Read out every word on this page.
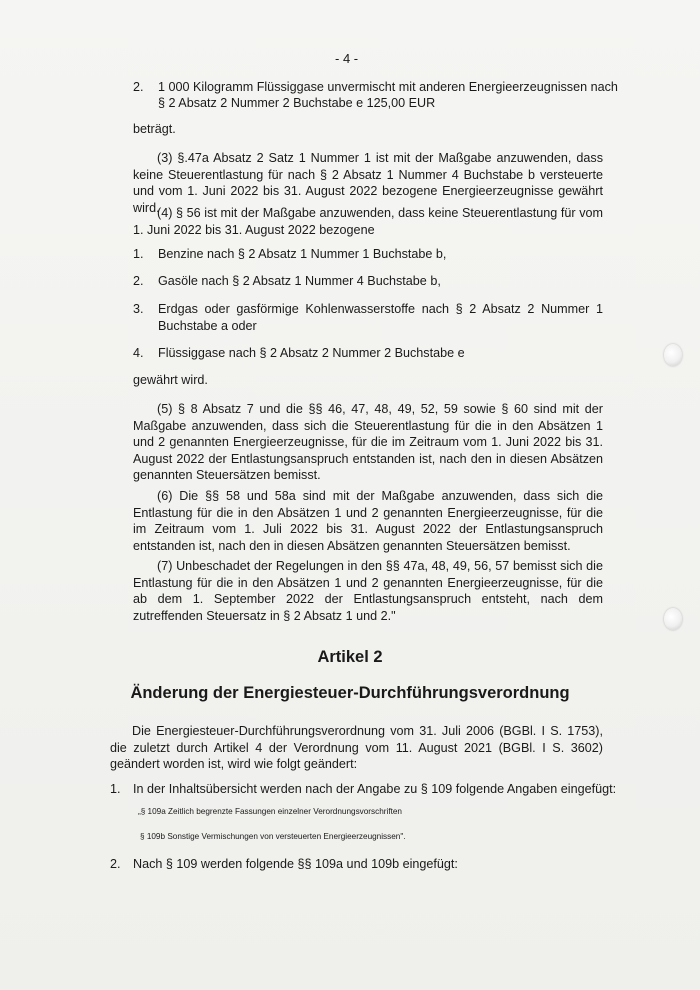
- 4 -
2. 1 000 Kilogramm Flüssiggase unvermischt mit anderen Energieerzeugnissen nach
§ 2 Absatz 2 Nummer 2 Buchstabe e 125,00 EUR
beträgt.
(3) §.47a Absatz 2 Satz 1 Nummer 1 ist mit der Maßgabe anzuwenden, dass keine Steuerentlastung für nach § 2 Absatz 1 Nummer 4 Buchstabe b versteuerte und vom 1. Juni 2022 bis 31. August 2022 bezogene Energieerzeugnisse gewährt wird.
(4) § 56 ist mit der Maßgabe anzuwenden, dass keine Steuerentlastung für vom 1. Juni 2022 bis 31. August 2022 bezogene
1. Benzine nach § 2 Absatz 1 Nummer 1 Buchstabe b,
2. Gasöle nach § 2 Absatz 1 Nummer 4 Buchstabe b,
3. Erdgas oder gasförmige Kohlenwasserstoffe nach § 2 Absatz 2 Nummer 1 Buchstabe a oder
4. Flüssiggase nach § 2 Absatz 2 Nummer 2 Buchstabe e
gewährt wird.
(5) § 8 Absatz 7 und die §§ 46, 47, 48, 49, 52, 59 sowie § 60 sind mit der Maßgabe anzuwenden, dass sich die Steuerentlastung für die in den Absätzen 1 und 2 genannten Energieerzeugnisse, für die im Zeitraum vom 1. Juni 2022 bis 31. August 2022 der Entlastungsanspruch entstanden ist, nach den in diesen Absätzen genannten Steuersätzen bemisst.
(6) Die §§ 58 und 58a sind mit der Maßgabe anzuwenden, dass sich die Entlastung für die in den Absätzen 1 und 2 genannten Energieerzeugnisse, für die im Zeitraum vom 1. Juli 2022 bis 31. August 2022 der Entlastungsanspruch entstanden ist, nach den in diesen Absätzen genannten Steuersätzen bemisst.
(7) Unbeschadet der Regelungen in den §§ 47a, 48, 49, 56, 57 bemisst sich die Entlastung für die in den Absätzen 1 und 2 genannten Energieerzeugnisse, für die ab dem 1. September 2022 der Entlastungsanspruch entsteht, nach dem zutreffenden Steuersatz in § 2 Absatz 1 und 2."
Artikel 2
Änderung der Energiesteuer-Durchführungsverordnung
Die Energiesteuer-Durchführungsverordnung vom 31. Juli 2006 (BGBl. I S. 1753), die zuletzt durch Artikel 4 der Verordnung vom 11. August 2021 (BGBl. I S. 3602) geändert worden ist, wird wie folgt geändert:
1. In der Inhaltsübersicht werden nach der Angabe zu § 109 folgende Angaben eingefügt:
„§ 109a Zeitlich begrenzte Fassungen einzelner Verordnungsvorschriften
§ 109b Sonstige Vermischungen von versteuerten Energieerzeugnissen".
2. Nach § 109 werden folgende §§ 109a und 109b eingefügt:
